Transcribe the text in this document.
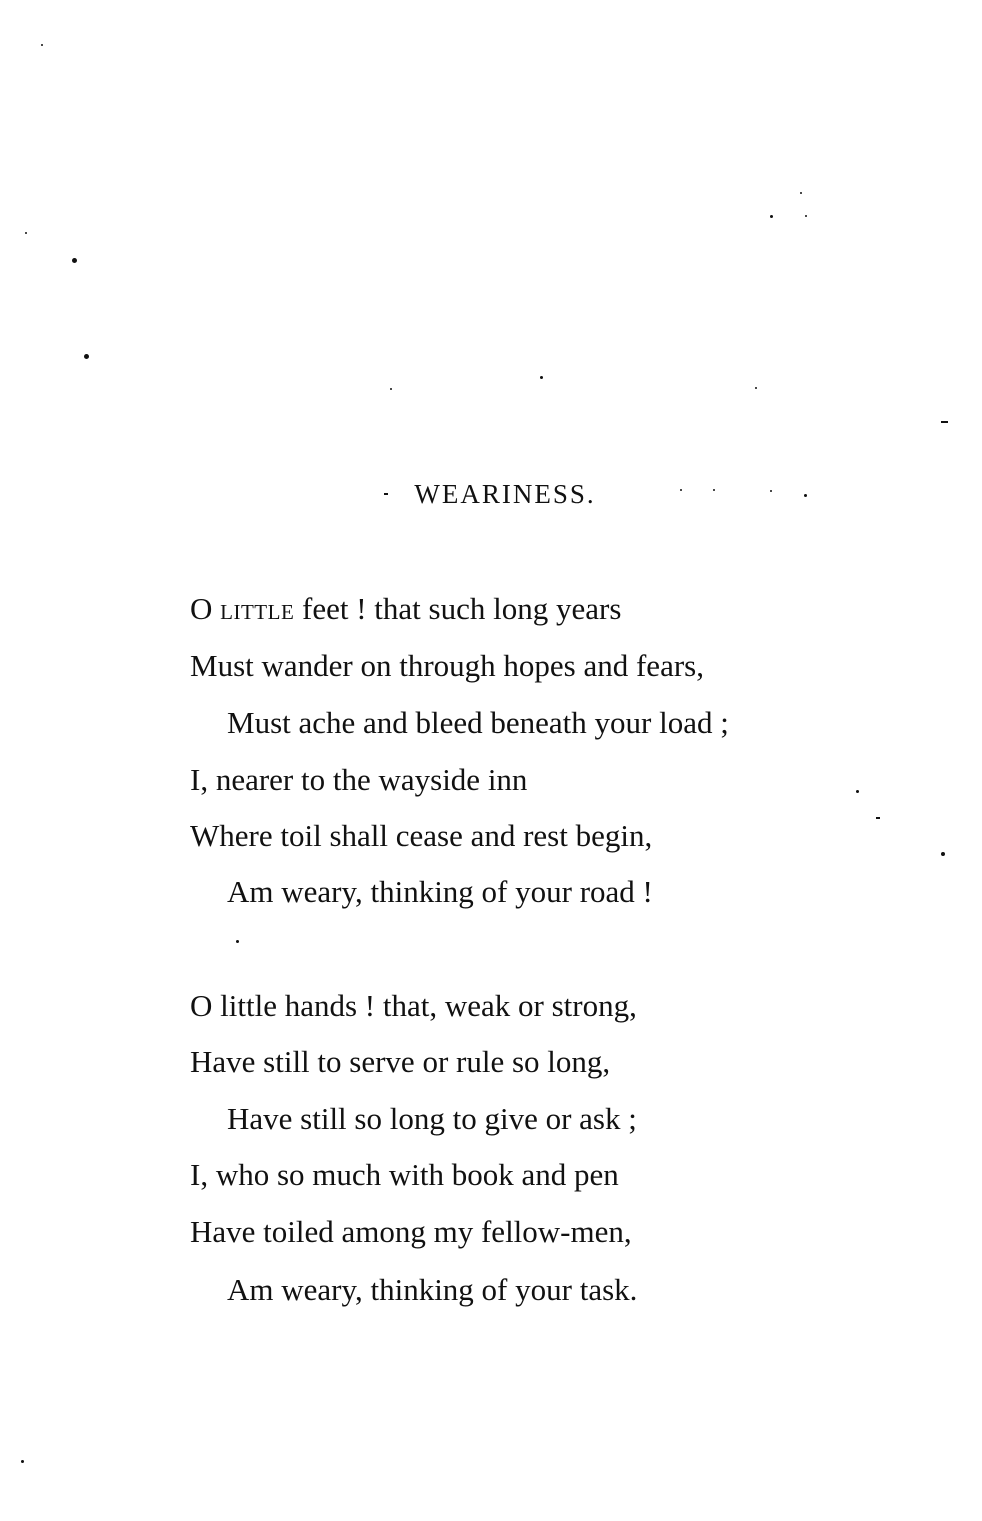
WEARINESS.
O LITTLE feet ! that such long years
Must wander on through hopes and fears,
Must ache and bleed beneath your load ;
I, nearer to the wayside inn
Where toil shall cease and rest begin,
Am weary, thinking of your road !
O little hands ! that, weak or strong,
Have still to serve or rule so long,
Have still so long to give or ask ;
I, who so much with book and pen
Have toiled among my fellow-men,
Am weary, thinking of your task.
